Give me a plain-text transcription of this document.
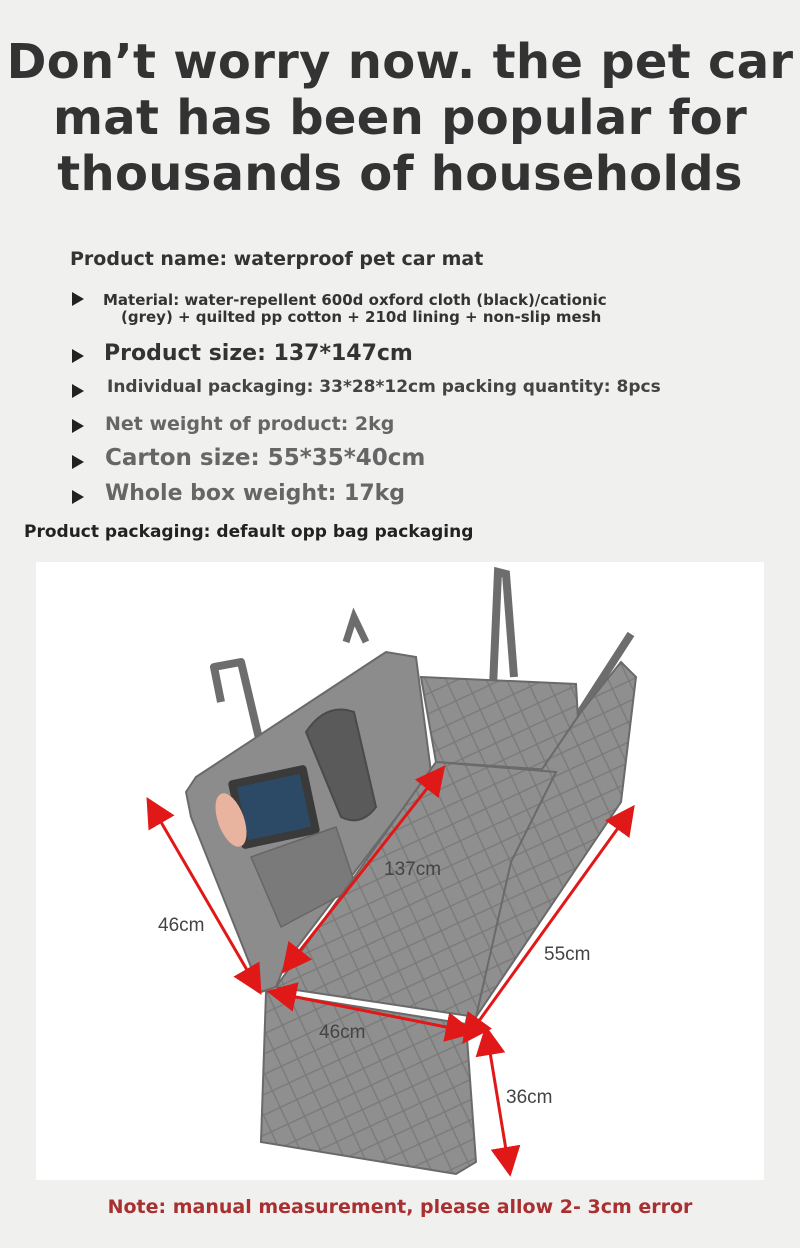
Don’t worry now. the pet car
mat has been popular for
thousands of households
Product name: waterproof pet car mat
Material: water-repellent 600d oxford cloth (black)/cationic
(grey) + quilted pp cotton + 210d lining + non-slip mesh
Product size: 137*147cm
Individual packaging: 33*28*12cm packing quantity: 8pcs
Net weight of product: 2kg
Carton size: 55*35*40cm
Whole box weight: 17kg
Product packaging: default opp bag packaging
137cm
46cm
55cm
46cm
36cm
Note: manual measurement, please allow 2- 3cm error
